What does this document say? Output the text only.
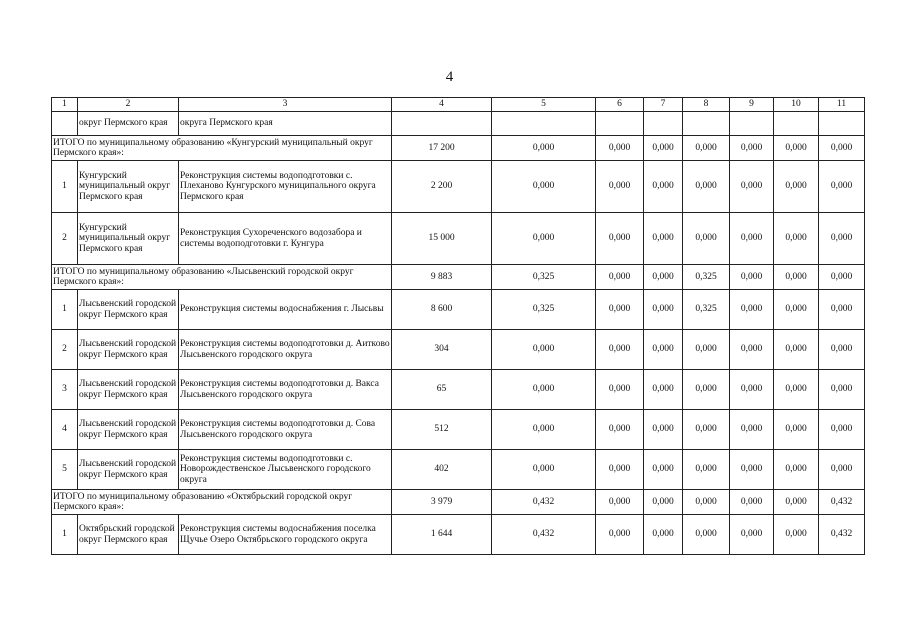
4
1	2	3	4	5	6	7	8	9	10	11
	округ Пермского края	округа Пермского края								
ИТОГО по муниципальному образованию «Кунгурский муниципальный округ Пермского края»:			17 200	0,000	0,000	0,000	0,000	0,000	0,000	0,000
1	Кунгурский муниципальный округ Пермского края	Реконструкция системы водоподготовки с. Плеханово Кунгурского муниципального округа Пермского края	2 200	0,000	0,000	0,000	0,000	0,000	0,000	0,000
2	Кунгурский муниципальный округ Пермского края	Реконструкция Сухореченского водозабора и системы водоподготовки г. Кунгура	15 000	0,000	0,000	0,000	0,000	0,000	0,000	0,000
ИТОГО по муниципальному образованию «Лысьвенский городской округ Пермского края»:			9 883	0,325	0,000	0,000	0,325	0,000	0,000	0,000
1	Лысьвенский городской округ Пермского края	Реконструкция системы водоснабжения г. Лысьвы	8 600	0,325	0,000	0,000	0,325	0,000	0,000	0,000
2	Лысьвенский городской округ Пермского края	Реконструкция системы водоподготовки д. Аитково Лысьвенского городского округа	304	0,000	0,000	0,000	0,000	0,000	0,000	0,000
3	Лысьвенский городской округ Пермского края	Реконструкция системы водоподготовки д. Вакса Лысьвенского городского округа	65	0,000	0,000	0,000	0,000	0,000	0,000	0,000
4	Лысьвенский городской округ Пермского края	Реконструкция системы водоподготовки д. Сова Лысьвенского городского округа	512	0,000	0,000	0,000	0,000	0,000	0,000	0,000
5	Лысьвенский городской округ Пермского края	Реконструкция системы водоподготовки с. Новорождественское Лысьвенского городского округа	402	0,000	0,000	0,000	0,000	0,000	0,000	0,000
ИТОГО по муниципальному образованию «Октябрьский городской округ Пермского края»:			3 979	0,432	0,000	0,000	0,000	0,000	0,000	0,432
1	Октябрьский городской округ Пермского края	Реконструкция системы водоснабжения поселка Щучье Озеро Октябрьского городского округа	1 644	0,432	0,000	0,000	0,000	0,000	0,000	0,432
